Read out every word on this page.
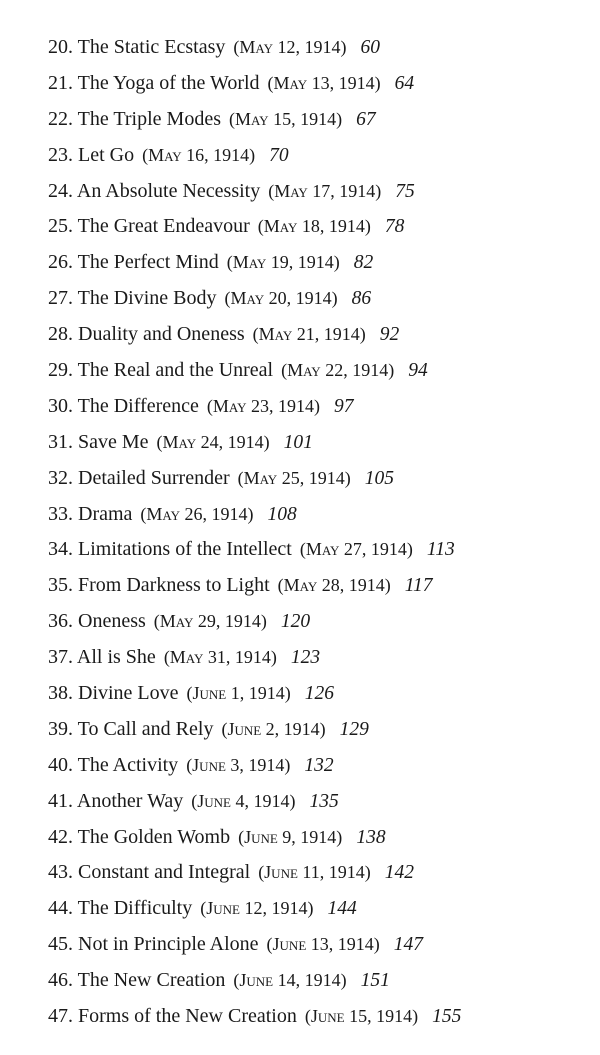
20. The Static Ecstasy (May 12, 1914) 60
21. The Yoga of the World (May 13, 1914) 64
22. The Triple Modes (May 15, 1914) 67
23. Let Go (May 16, 1914) 70
24. An Absolute Necessity (May 17, 1914) 75
25. The Great Endeavour (May 18, 1914) 78
26. The Perfect Mind (May 19, 1914) 82
27. The Divine Body (May 20, 1914) 86
28. Duality and Oneness (May 21, 1914) 92
29. The Real and the Unreal (May 22, 1914) 94
30. The Difference (May 23, 1914) 97
31. Save Me (May 24, 1914) 101
32. Detailed Surrender (May 25, 1914) 105
33. Drama (May 26, 1914) 108
34. Limitations of the Intellect (May 27, 1914) 113
35. From Darkness to Light (May 28, 1914) 117
36. Oneness (May 29, 1914) 120
37. All is She (May 31, 1914) 123
38. Divine Love (June 1, 1914) 126
39. To Call and Rely (June 2, 1914) 129
40. The Activity (June 3, 1914) 132
41. Another Way (June 4, 1914) 135
42. The Golden Womb (June 9, 1914) 138
43. Constant and Integral (June 11, 1914) 142
44. The Difficulty (June 12, 1914) 144
45. Not in Principle Alone (June 13, 1914) 147
46. The New Creation (June 14, 1914) 151
47. Forms of the New Creation (June 15, 1914) 155
